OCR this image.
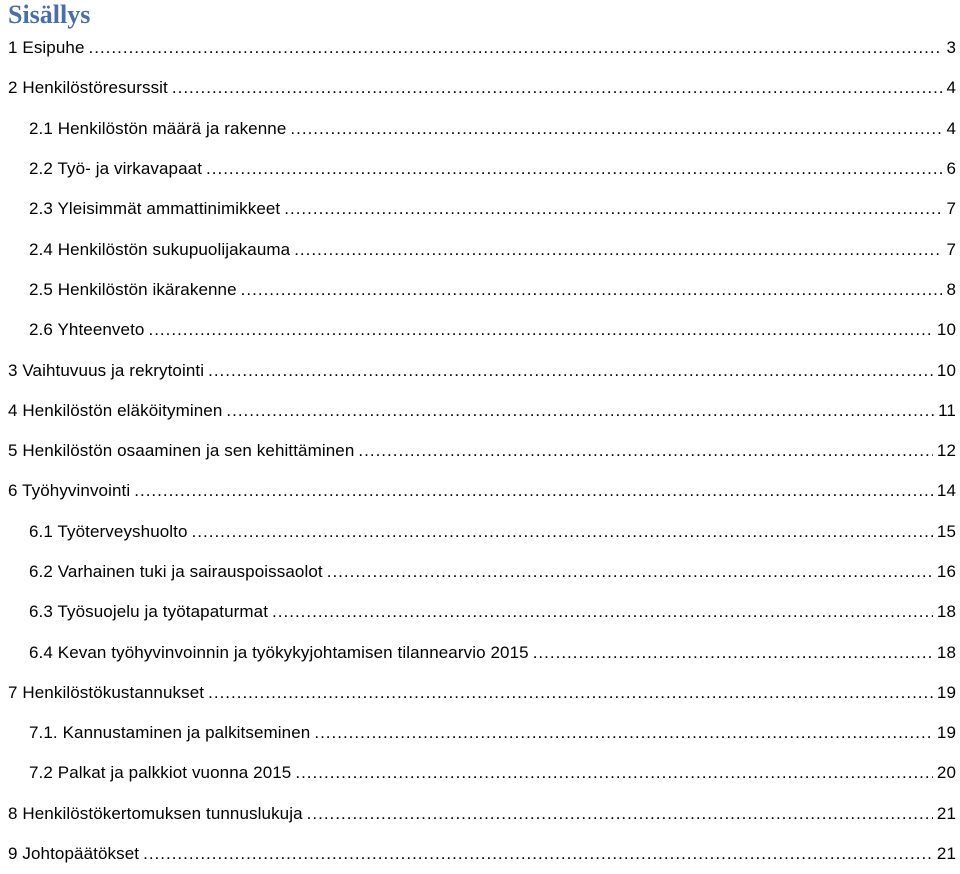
Sisällys
1 Esipuhe .....	3
2 Henkilöstöresurssit .....	4
2.1 Henkilöstön määrä ja rakenne .....	4
2.2 Työ- ja virkavapaat .....	6
2.3 Yleisimmät ammattinimikkeet .....	7
2.4 Henkilöstön sukupuolijakauma .....	7
2.5 Henkilöstön ikärakenne .....	8
2.6 Yhteenveto .....	10
3 Vaihtuvuus ja rekrytointi .....	10
4 Henkilöstön eläköityminen .....	11
5 Henkilöstön osaaminen ja sen kehittäminen .....	12
6 Työhyvinvointi .....	14
6.1 Työterveyshuolto .....	15
6.2 Varhainen tuki ja sairauspoissaolot .....	16
6.3 Työsuojelu ja työtapaturmat .....	18
6.4 Kevan työhyvinvoinnin ja työkykyjohtamisen tilannearvio 2015 .....	18
7 Henkilöstökustannukset .....	19
7.1. Kannustaminen ja palkitseminen .....	19
7.2 Palkat ja palkkiot vuonna 2015 .....	20
8 Henkilöstökertomuksen tunnuslukuja .....	21
9 Johtopäätökset .....	21
